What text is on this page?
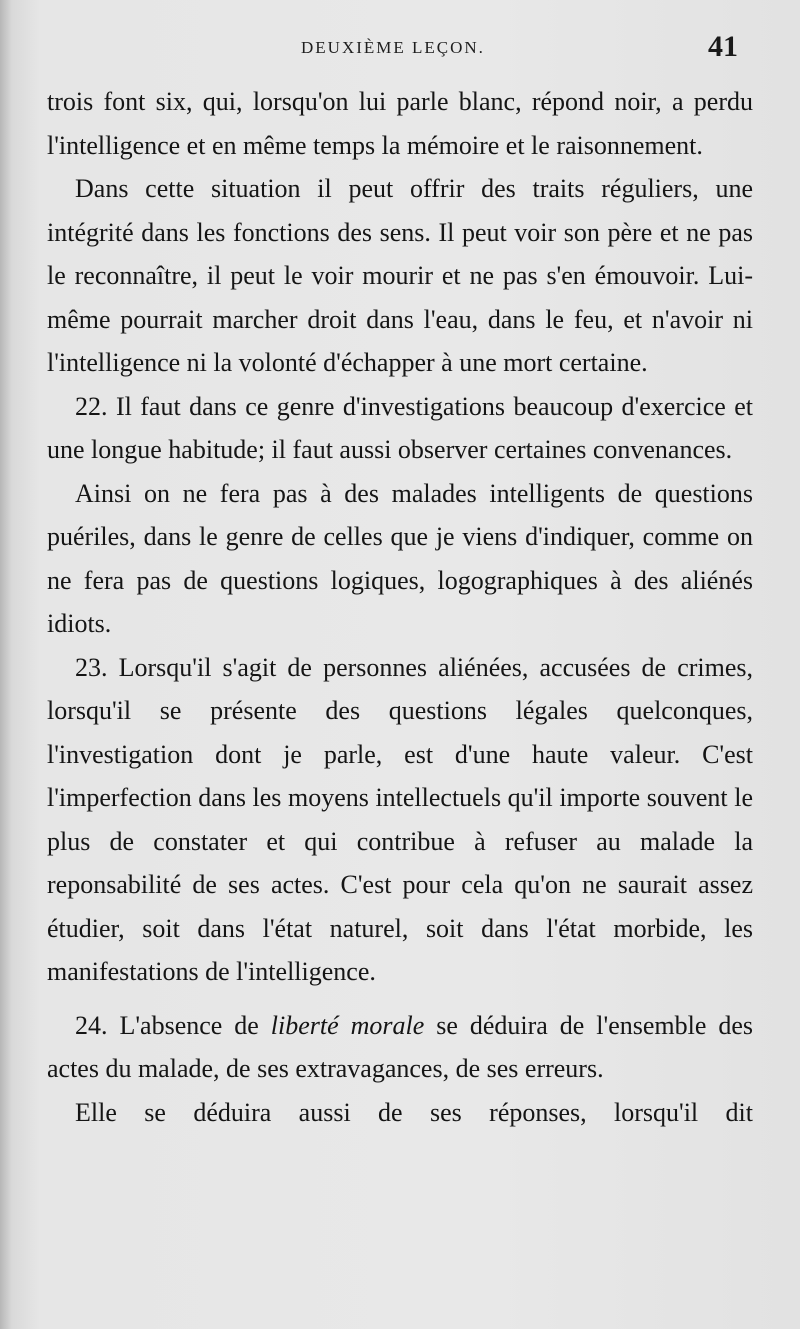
DEUXIÈME LEÇON.	41

trois font six, qui, lorsqu'on lui parle blanc, répond noir, a perdu l'intelligence et en même temps la mémoire et le raisonnement.

Dans cette situation il peut offrir des traits réguliers, une intégrité dans les fonctions des sens. Il peut voir son père et ne pas le reconnaître, il peut le voir mourir et ne pas s'en émouvoir. Lui-même pourrait marcher droit dans l'eau, dans le feu, et n'avoir ni l'intelligence ni la volonté d'échapper à une mort certaine.

22. Il faut dans ce genre d'investigations beaucoup d'exercice et une longue habitude; il faut aussi observer certaines convenances.

Ainsi on ne fera pas à des malades intelligents de questions puériles, dans le genre de celles que je viens d'indiquer, comme on ne fera pas de questions logiques, logographiques à des aliénés idiots.

23. Lorsqu'il s'agit de personnes aliénées, accusées de crimes, lorsqu'il se présente des questions légales quelconques, l'investigation dont je parle, est d'une haute valeur. C'est l'imperfection dans les moyens intellectuels qu'il importe souvent le plus de constater et qui contribue à refuser au malade la reponsabilité de ses actes. C'est pour cela qu'on ne saurait assez étudier, soit dans l'état naturel, soit dans l'état morbide, les manifestations de l'intelligence.

24. L'absence de liberté morale se déduira de l'ensemble des actes du malade, de ses extravagances, de ses erreurs.

Elle se déduira aussi de ses réponses, lorsqu'il dit
